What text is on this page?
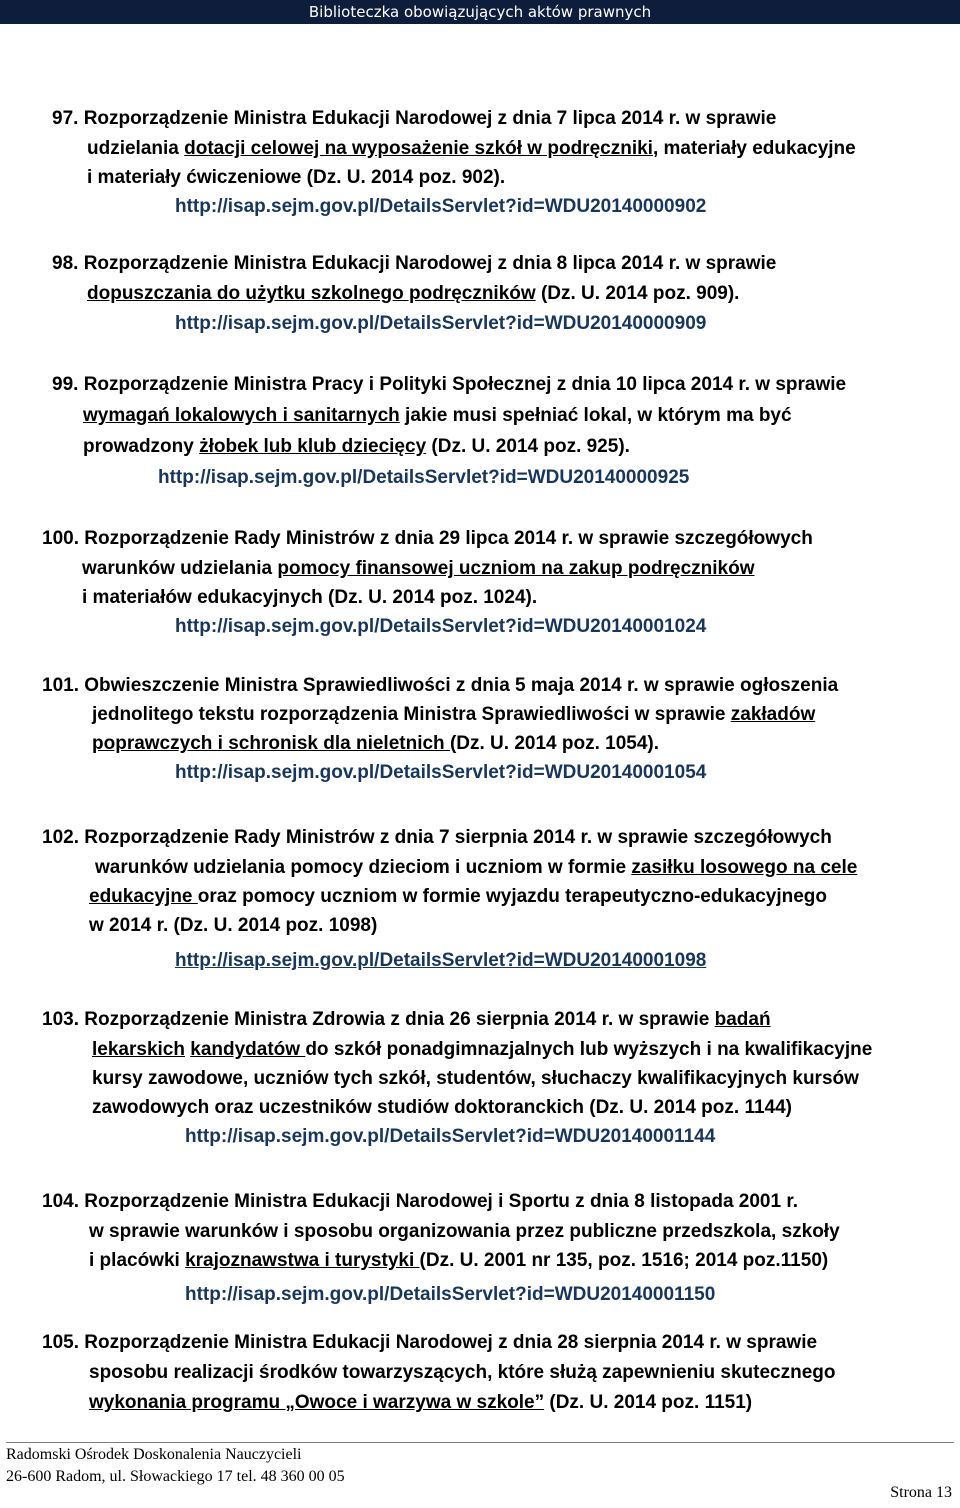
Biblioteczka obowiązujących aktów prawnych
97. Rozporządzenie Ministra Edukacji Narodowej z dnia 7 lipca 2014 r. w sprawie
udzielania dotacji celowej na wyposażenie szkół w podręczniki, materiały edukacyjne
i materiały ćwiczeniowe (Dz. U. 2014 poz. 902).
http://isap.sejm.gov.pl/DetailsServlet?id=WDU20140000902
98. Rozporządzenie Ministra Edukacji Narodowej z dnia 8 lipca 2014 r. w sprawie
dopuszczania do użytku szkolnego podręczników (Dz. U. 2014 poz. 909).
http://isap.sejm.gov.pl/DetailsServlet?id=WDU20140000909
99. Rozporządzenie Ministra Pracy i Polityki Społecznej z dnia 10 lipca 2014 r. w sprawie
wymagań lokalowych i sanitarnych jakie musi spełniać lokal, w którym ma być
prowadzony żłobek lub klub dziecięcy (Dz. U. 2014 poz. 925).
http://isap.sejm.gov.pl/DetailsServlet?id=WDU20140000925
100. Rozporządzenie Rady Ministrów z dnia 29 lipca 2014 r. w sprawie szczegółowych
warunków udzielania pomocy finansowej uczniom na zakup podręczników
i materiałów edukacyjnych (Dz. U. 2014 poz. 1024).
http://isap.sejm.gov.pl/DetailsServlet?id=WDU20140001024
101. Obwieszczenie Ministra Sprawiedliwości z dnia 5 maja 2014 r. w sprawie ogłoszenia
jednolitego tekstu rozporządzenia Ministra Sprawiedliwości w sprawie zakładów
poprawczych i schronisk dla nieletnich (Dz. U. 2014 poz. 1054).
http://isap.sejm.gov.pl/DetailsServlet?id=WDU20140001054
102. Rozporządzenie Rady Ministrów z dnia 7 sierpnia 2014 r. w sprawie szczegółowych
warunków udzielania pomocy dzieciom i uczniom w formie zasiłku losowego na cele
edukacyjne oraz pomocy uczniom w formie wyjazdu terapeutyczno-edukacyjnego
w 2014 r. (Dz. U. 2014 poz. 1098)
http://isap.sejm.gov.pl/DetailsServlet?id=WDU20140001098
103. Rozporządzenie Ministra Zdrowia z dnia 26 sierpnia 2014 r. w sprawie badań
lekarskich kandydatów do szkół ponadgimnazjalnych lub wyższych i na kwalifikacyjne
kursy zawodowe, uczniów tych szkół, studentów, słuchaczy kwalifikacyjnych kursów
zawodowych oraz uczestników studiów doktoranckich (Dz. U. 2014 poz. 1144)
http://isap.sejm.gov.pl/DetailsServlet?id=WDU20140001144
104. Rozporządzenie Ministra Edukacji Narodowej i Sportu z dnia 8 listopada 2001 r.
w sprawie warunków i sposobu organizowania przez publiczne przedszkola, szkoły
i placówki krajoznawstwa i turystyki (Dz. U. 2001 nr 135, poz. 1516; 2014 poz.1150)
http://isap.sejm.gov.pl/DetailsServlet?id=WDU20140001150
105. Rozporządzenie Ministra Edukacji Narodowej z dnia 28 sierpnia 2014 r. w sprawie
sposobu realizacji środków towarzyszących, które służą zapewnieniu skutecznego
wykonania programu „Owoce i warzywa w szkole” (Dz. U. 2014 poz. 1151)
Radomski Ośrodek Doskonalenia Nauczycieli
26-600 Radom, ul. Słowackiego 17 tel. 48 360 00 05
Strona 13
